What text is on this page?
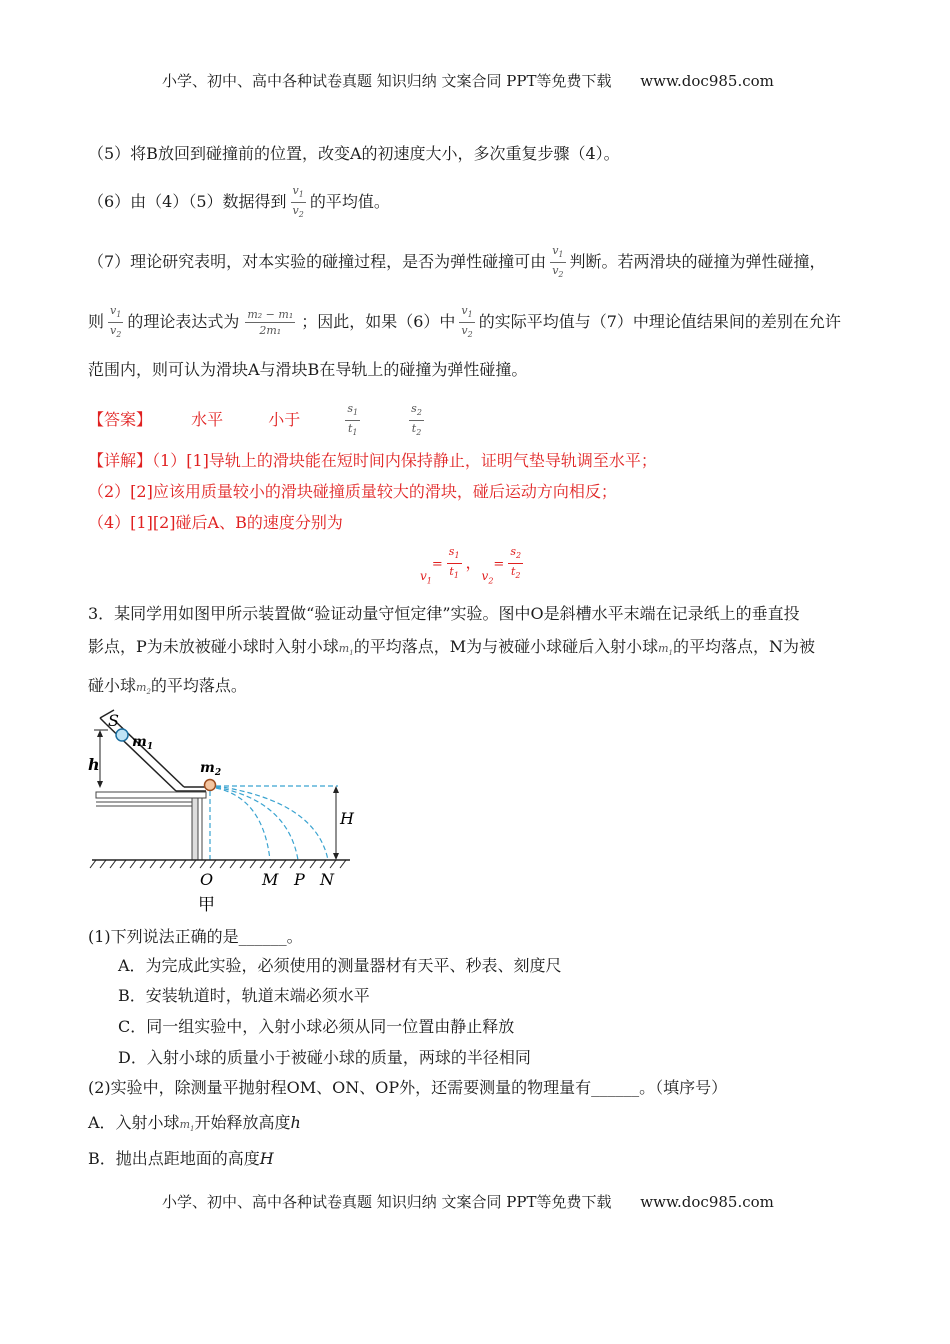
小学、初中、高中各种试卷真题 知识归纳 文案合同 PPT等免费下载 www.doc985.com
（5）将B放回到碰撞前的位置，改变A的初速度大小，多次重复步骤（4）。
（6）由（4）（5）数据得到 $\frac{v_1}{v_2}$ 的平均值。
（7）理论研究表明，对本实验的碰撞过程，是否为弹性碰撞可由 $\frac{v_1}{v_2}$ 判断。若两滑块的碰撞为弹性碰撞，
则 $\frac{v_1}{v_2}$ 的理论表达式为 $\frac{\text{m₂ − m₁}}{\text{2m₁}}$ ；因此，如果（6）中 $\frac{v_1}{v_2}$ 的实际平均值与（7）中理论值结果间的差别在允许
范围内，则可认为滑块A与滑块B在导轨上的碰撞为弹性碰撞。
【答案】 水平	小于	$\frac{s_1}{t_1}$
	$\frac{s_2}{t_2}$
【详解】（1）[1]导轨上的滑块能在短时间内保持静止，证明气垫导轨调至水平；
（2）[2]应该用质量较小的滑块碰撞质量较大的滑块，碰后运动方向相反；
（4）[1][2]碰后A、B的速度分别为
$_{v_1}= \frac{s_1}{t_1}$ ，$_{v_2}= \frac{s_2}{t_2}$
3．某同学用如图甲所示装置做“验证动量守恒定律”实验。图中O是斜槽水平末端在记录纸上的垂直投
影点，P为未放被碰小球时入射小球$m_1$的平均落点，M为与被碰小球碰后入射小球$m_1$的平均落点，N为被
碰小球$m_2$的平均落点。
S
$m_1$
h	$m_2$
H
O	M P N
甲
(1)下列说法正确的是______。
A．为完成此实验，必须使用的测量器材有天平、秒表、刻度尺
B．安装轨道时，轨道末端必须水平
C．同一组实验中，入射小球必须从同一位置由静止释放
D．入射小球的质量小于被碰小球的质量，两球的半径相同
(2)实验中，除测量平抛射程OM、ON、OP外，还需要测量的物理量有______。（填序号）
A．入射小球$m_1$开始释放高度h
B．抛出点距地面的高度H
小学、初中、高中各种试卷真题 知识归纳 文案合同 PPT等免费下载 www.doc985.com
